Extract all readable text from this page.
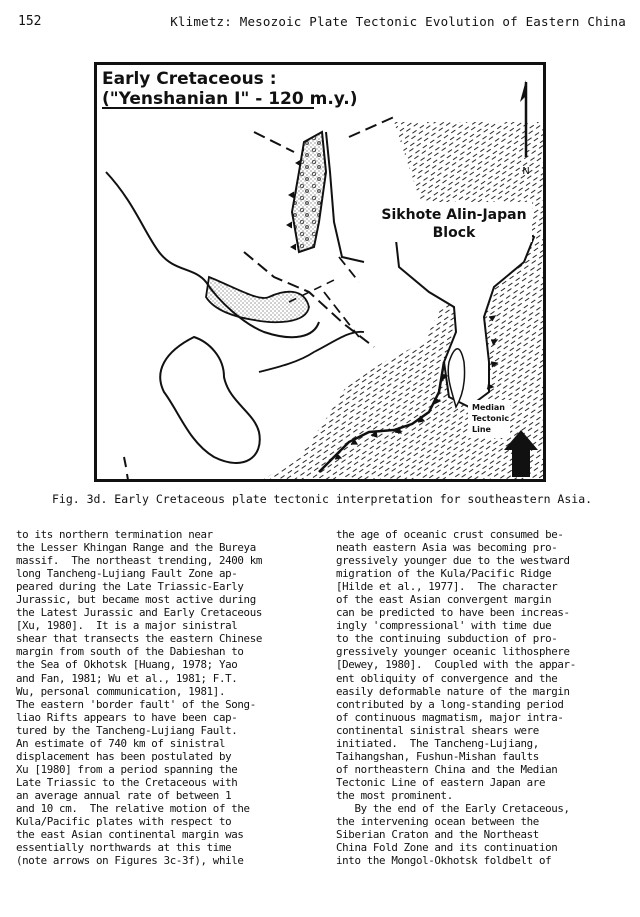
152	Klimetz: Mesozoic Plate Tectonic Evolution of Eastern China
Early Cretaceous :
("Yenshanian I" - 120 m.y.)
Sikhote Alin-Japan
Block
N
Median
Tectonic
Line
Fig. 3d. Early Cretaceous plate tectonic interpretation for southeastern Asia.
to its northern termination near
the Lesser Khingan Range and the Bureya
massif.  The northeast trending, 2400 km
long Tancheng-Lujiang Fault Zone ap-
peared during the Late Triassic-Early
Jurassic, but became most active during
the Latest Jurassic and Early Cretaceous
[Xu, 1980].  It is a major sinistral
shear that transects the eastern Chinese
margin from south of the Dabieshan to
the Sea of Okhotsk [Huang, 1978; Yao
and Fan, 1981; Wu et al., 1981; F.T.
Wu, personal communication, 1981].
The eastern 'border fault' of the Song-
liao Rifts appears to have been cap-
tured by the Tancheng-Lujiang Fault.
An estimate of 740 km of sinistral
displacement has been postulated by
Xu [1980] from a period spanning the
Late Triassic to the Cretaceous with
an average annual rate of between 1
and 10 cm.  The relative motion of the
Kula/Pacific plates with respect to
the east Asian continental margin was
essentially northwards at this time
(note arrows on Figures 3c-3f), while
the age of oceanic crust consumed be-
neath eastern Asia was becoming pro-
gressively younger due to the westward
migration of the Kula/Pacific Ridge
[Hilde et al., 1977].  The character
of the east Asian convergent margin
can be predicted to have been increas-
ingly 'compressional' with time due
to the continuing subduction of pro-
gressively younger oceanic lithosphere
[Dewey, 1980].  Coupled with the appar-
ent obliquity of convergence and the
easily deformable nature of the margin
contributed by a long-standing period
of continuous magmatism, major intra-
continental sinistral shears were
initiated.  The Tancheng-Lujiang,
Taihangshan, Fushun-Mishan faults
of northeastern China and the Median
Tectonic Line of eastern Japan are
the most prominent.
By the end of the Early Cretaceous,
the intervening ocean between the
Siberian Craton and the Northeast
China Fold Zone and its continuation
into the Mongol-Okhotsk foldbelt of
